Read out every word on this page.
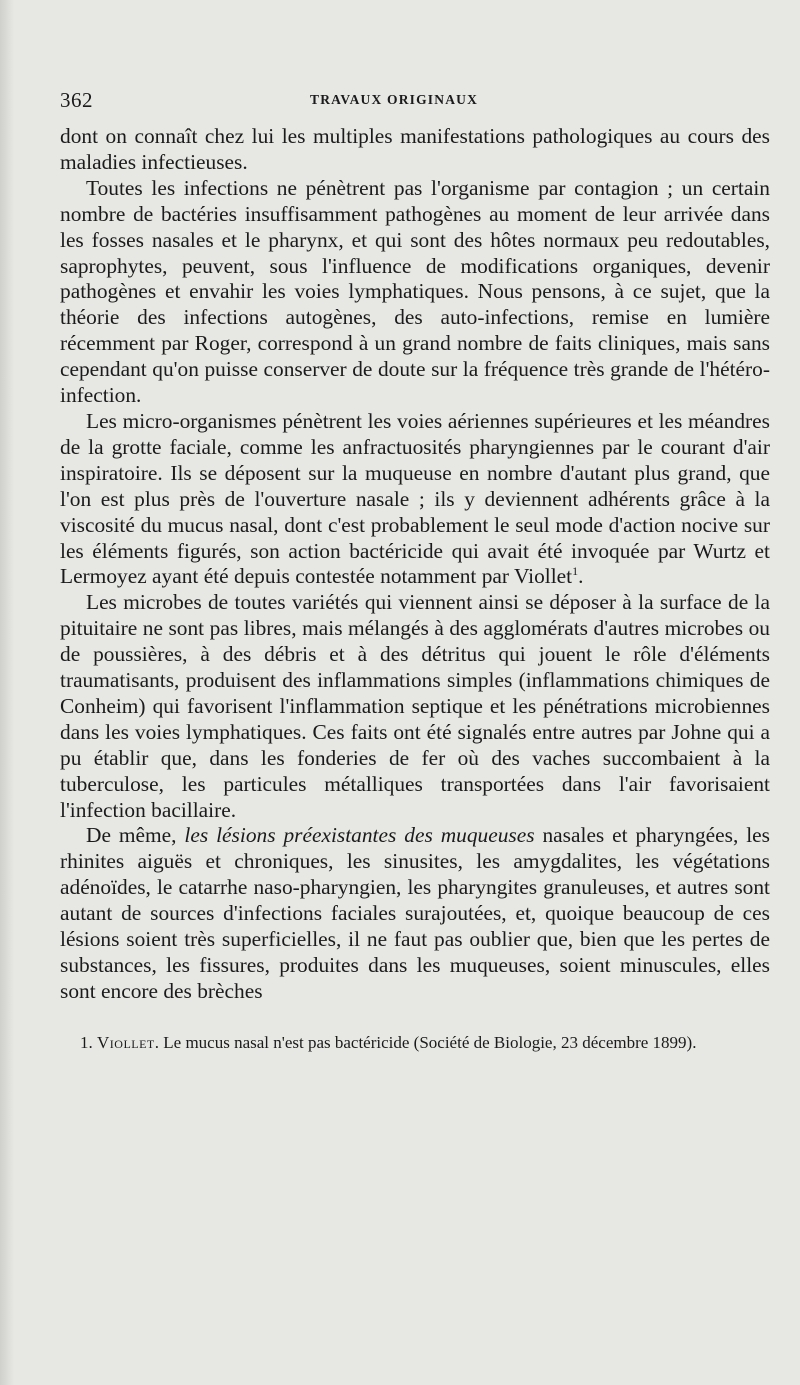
362	TRAVAUX ORIGINAUX

dont on connaît chez lui les multiples manifestations pathologiques au cours des maladies infectieuses.

Toutes les infections ne pénètrent pas l'organisme par contagion ; un certain nombre de bactéries insuffisamment pathogènes au moment de leur arrivée dans les fosses nasales et le pharynx, et qui sont des hôtes normaux peu redoutables, saprophytes, peuvent, sous l'influence de modifications organiques, devenir pathogènes et envahir les voies lymphatiques. Nous pensons, à ce sujet, que la théorie des infections autogènes, des auto-infections, remise en lumière récemment par Roger, correspond à un grand nombre de faits cliniques, mais sans cependant qu'on puisse conserver de doute sur la fréquence très grande de l'hétéro-infection.

Les micro-organismes pénètrent les voies aériennes supérieures et les méandres de la grotte faciale, comme les anfractuosités pharyngiennes par le courant d'air inspiratoire. Ils se déposent sur la muqueuse en nombre d'autant plus grand, que l'on est plus près de l'ouverture nasale ; ils y deviennent adhérents grâce à la viscosité du mucus nasal, dont c'est probablement le seul mode d'action nocive sur les éléments figurés, son action bactéricide qui avait été invoquée par Wurtz et Lermoyez ayant été depuis contestée notamment par Viollet$^1$.

Les microbes de toutes variétés qui viennent ainsi se déposer à la surface de la pituitaire ne sont pas libres, mais mélangés à des agglomérats d'autres microbes ou de poussières, à des débris et à des détritus qui jouent le rôle d'éléments traumatisants, produisent des inflammations simples (inflammations chimiques de Conheim) qui favorisent l'inflammation septique et les pénétrations microbiennes dans les voies lymphatiques. Ces faits ont été signalés entre autres par Johne qui a pu établir que, dans les fonderies de fer où des vaches succombaient à la tuberculose, les particules métalliques transportées dans l'air favorisaient l'infection bacillaire.

De même, les lésions préexistantes des muqueuses nasales et pharyngées, les rhinites aiguës et chroniques, les sinusites, les amygdalites, les végétations adénoïdes, le catarrhe naso-pharyngien, les pharyngites granuleuses, et autres sont autant de sources d'infections faciales surajoutées, et, quoique beaucoup de ces lésions soient très superficielles, il ne faut pas oublier que, bien que les pertes de substances, les fissures, produites dans les muqueuses, soient minuscules, elles sont encore des brèches

1. Viollet. Le mucus nasal n'est pas bactéricide (Société de Biologie, 23 décembre 1899).
